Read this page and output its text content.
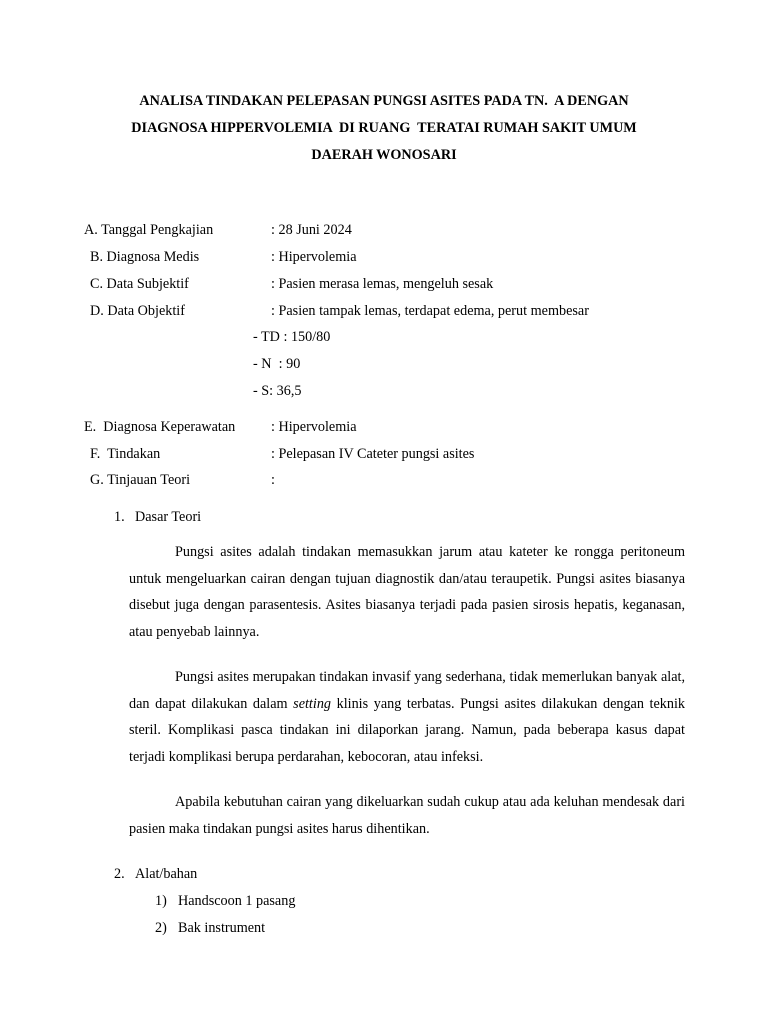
ANALISA TINDAKAN PELEPASAN PUNGSI ASITES PADA TN.  A DENGAN
DIAGNOSA HIPPERVOLEMIA  DI RUANG  TERATAI RUMAH SAKIT UMUM
DAERAH WONOSARI
A. Tanggal Pengkajian	: 28 Juni 2024
B. Diagnosa Medis	: Hipervolemia
C. Data Subjektif	: Pasien merasa lemas, mengeluh sesak
D. Data Objektif	: Pasien tampak lemas, terdapat edema, perut membesar
- TD : 150/80
- N  : 90
- S: 36,5
E.  Diagnosa Keperawatan	: Hipervolemia
F.  Tindakan	: Pelepasan IV Cateter pungsi asites
G. Tinjauan Teori	:
1. Dasar Teori

Pungsi asites adalah tindakan memasukkan jarum atau kateter ke rongga peritoneum untuk mengeluarkan cairan dengan tujuan diagnostik dan/atau teraupetik. Pungsi asites biasanya disebut juga dengan parasentesis. Asites biasanya terjadi pada pasien sirosis hepatis, keganasan, atau penyebab lainnya.

Pungsi asites merupakan tindakan invasif yang sederhana, tidak memerlukan banyak alat, dan dapat dilakukan dalam setting klinis yang terbatas. Pungsi asites dilakukan dengan teknik steril. Komplikasi pasca tindakan ini dilaporkan jarang. Namun, pada beberapa kasus dapat terjadi komplikasi berupa perdarahan, kebocoran, atau infeksi.

Apabila kebutuhan cairan yang dikeluarkan sudah cukup atau ada keluhan mendesak dari pasien maka tindakan pungsi asites harus dihentikan.

2. Alat/bahan
1) Handscoon 1 pasang
2) Bak instrument
